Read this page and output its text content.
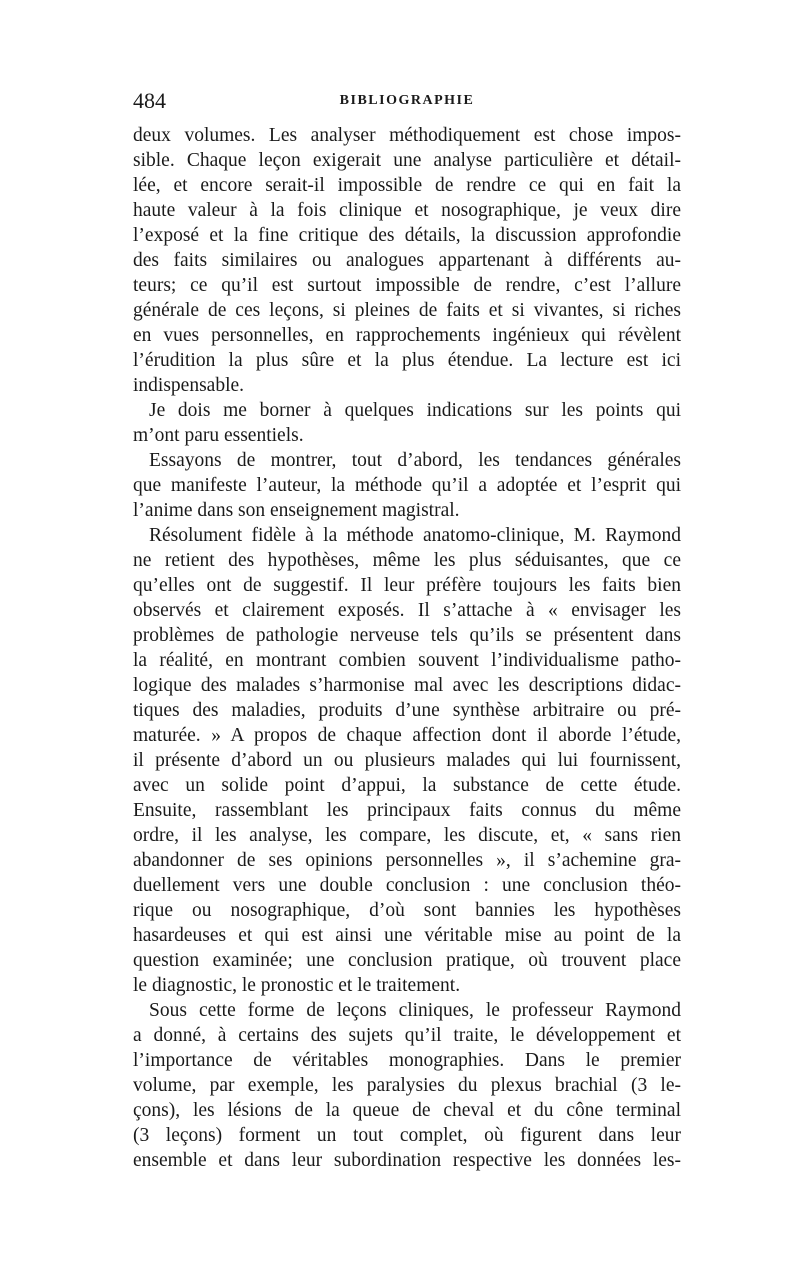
484	BIBLIOGRAPHIE
deux volumes. Les analyser méthodiquement est chose impos-
sible. Chaque leçon exigerait une analyse particulière et détail-
lée, et encore serait-il impossible de rendre ce qui en fait la
haute valeur à la fois clinique et nosographique, je veux dire
l’exposé et la fine critique des détails, la discussion approfondie
des faits similaires ou analogues appartenant à différents au-
teurs; ce qu’il est surtout impossible de rendre, c’est l’allure
générale de ces leçons, si pleines de faits et si vivantes, si riches
en vues personnelles, en rapprochements ingénieux qui révèlent
l’érudition la plus sûre et la plus étendue. La lecture est ici
indispensable.
Je dois me borner à quelques indications sur les points qui
m’ont paru essentiels.
Essayons de montrer, tout d’abord, les tendances générales
que manifeste l’auteur, la méthode qu’il a adoptée et l’esprit qui
l’anime dans son enseignement magistral.
Résolument fidèle à la méthode anatomo-clinique, M. Raymond
ne retient des hypothèses, même les plus séduisantes, que ce
qu’elles ont de suggestif. Il leur préfère toujours les faits bien
observés et clairement exposés. Il s’attache à « envisager les
problèmes de pathologie nerveuse tels qu’ils se présentent dans
la réalité, en montrant combien souvent l’individualisme patho-
logique des malades s’harmonise mal avec les descriptions didac-
tiques des maladies, produits d’une synthèse arbitraire ou pré-
maturée. » A propos de chaque affection dont il aborde l’étude,
il présente d’abord un ou plusieurs malades qui lui fournissent,
avec un solide point d’appui, la substance de cette étude.
Ensuite, rassemblant les principaux faits connus du même
ordre, il les analyse, les compare, les discute, et, « sans rien
abandonner de ses opinions personnelles », il s’achemine gra-
duellement vers une double conclusion : une conclusion théo-
rique ou nosographique, d’où sont bannies les hypothèses
hasardeuses et qui est ainsi une véritable mise au point de la
question examinée; une conclusion pratique, où trouvent place
le diagnostic, le pronostic et le traitement.
Sous cette forme de leçons cliniques, le professeur Raymond
a donné, à certains des sujets qu’il traite, le développement et
l’importance de véritables monographies. Dans le premier
volume, par exemple, les paralysies du plexus brachial (3 le-
çons), les lésions de la queue de cheval et du cône terminal
(3 leçons) forment un tout complet, où figurent dans leur
ensemble et dans leur subordination respective les données les-
